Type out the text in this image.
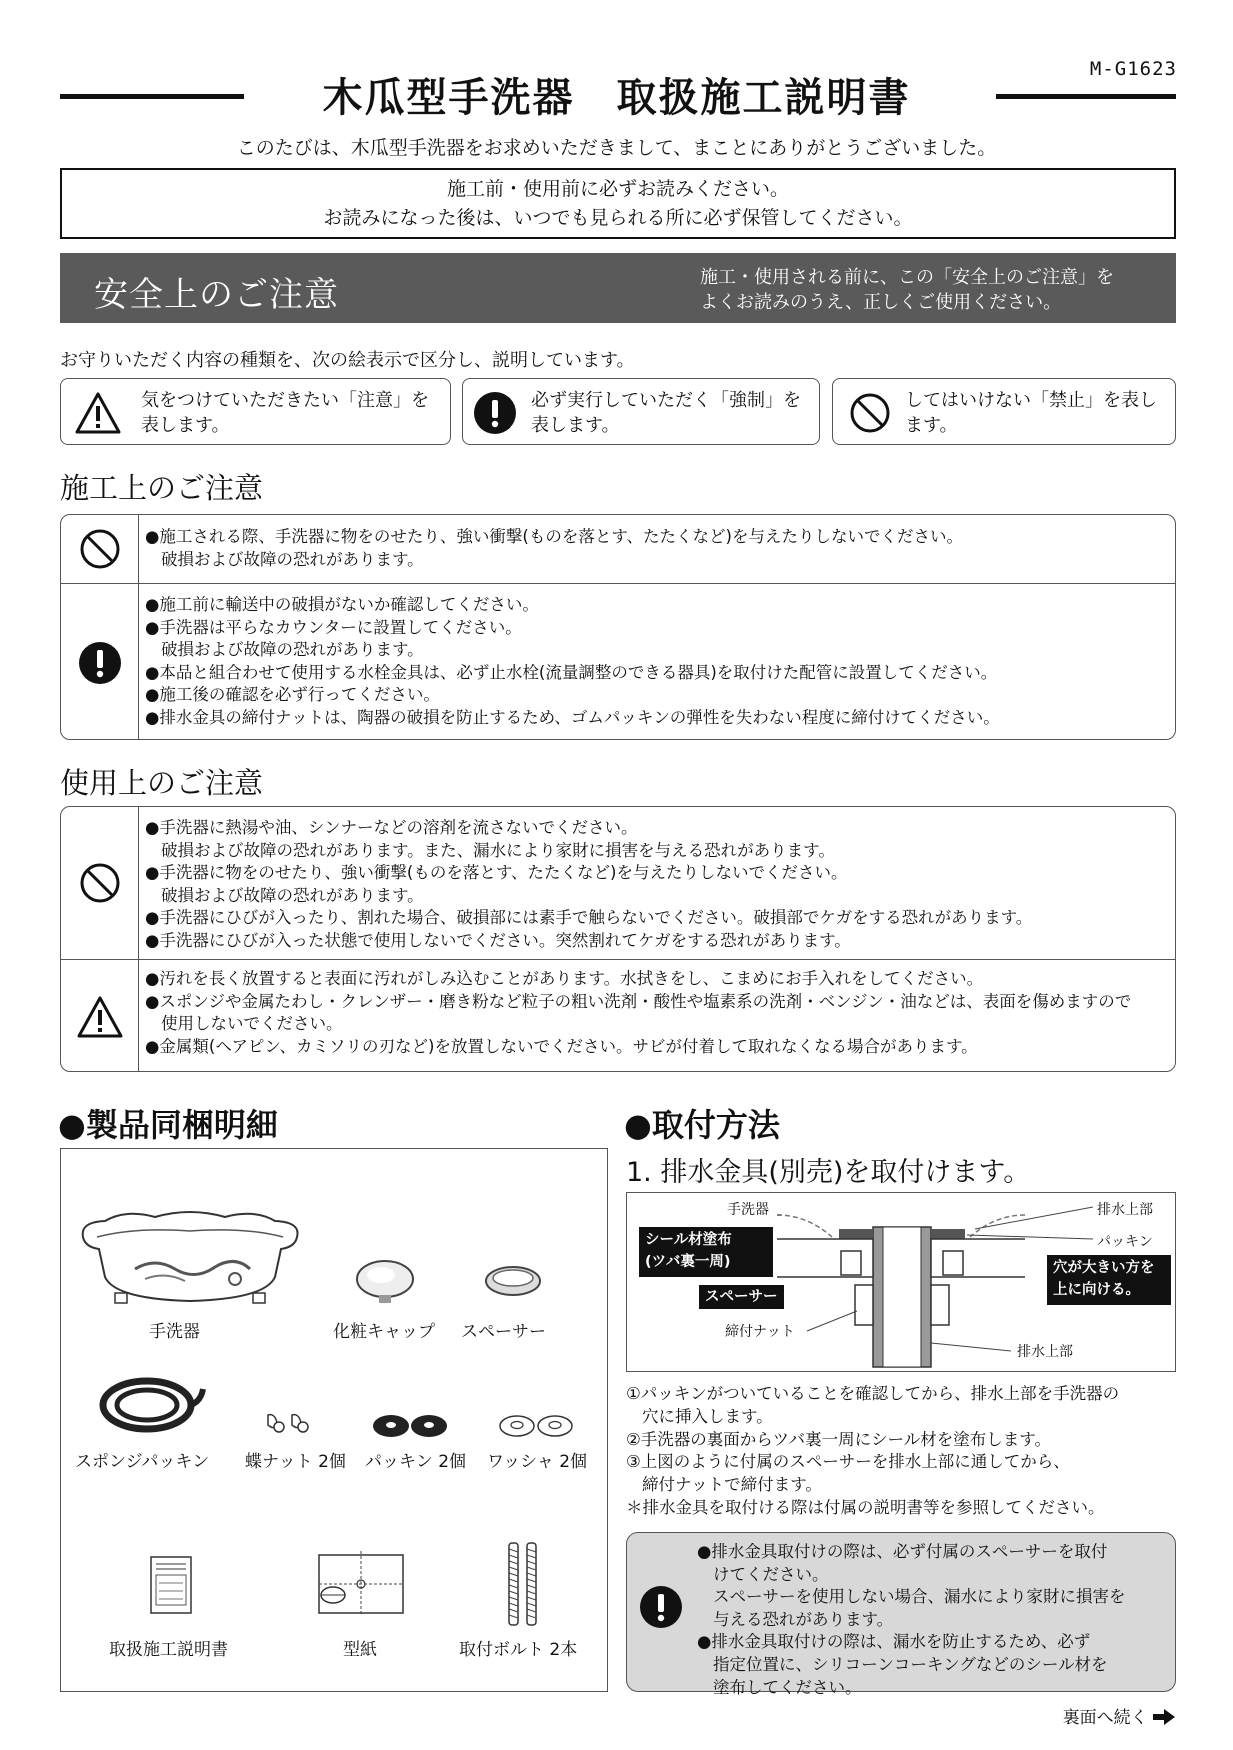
M-G1623
木瓜型手洗器　取扱施工説明書
このたびは、木瓜型手洗器をお求めいただきまして、まことにありがとうございました。
施工前・使用前に必ずお読みください。
お読みになった後は、いつでも見られる所に必ず保管してください。
安全上のご注意	施工・使用される前に、この「安全上のご注意」を
よくお読みのうえ、正しくご使用ください。
お守りいただく内容の種類を、次の絵表示で区分し、説明しています。
気をつけていただきたい「注意」を
表します。
必ず実行していただく「強制」を
表します。
してはいけない「禁止」を表し
ます。
施工上のご注意
●施工される際、手洗器に物をのせたり、強い衝撃(ものを落とす、たたくなど)を与えたりしないでください。
破損および故障の恐れがあります。
●施工前に輸送中の破損がないか確認してください。
●手洗器は平らなカウンターに設置してください。
破損および故障の恐れがあります。
●本品と組合わせて使用する水栓金具は、必ず止水栓(流量調整のできる器具)を取付けた配管に設置してください。
●施工後の確認を必ず行ってください。
●排水金具の締付ナットは、陶器の破損を防止するため、ゴムパッキンの弾性を失わない程度に締付けてください。
使用上のご注意
●手洗器に熱湯や油、シンナーなどの溶剤を流さないでください。
破損および故障の恐れがあります。また、漏水により家財に損害を与える恐れがあります。
●手洗器に物をのせたり、強い衝撃(ものを落とす、たたくなど)を与えたりしないでください。
破損および故障の恐れがあります。
●手洗器にひびが入ったり、割れた場合、破損部には素手で触らないでください。破損部でケガをする恐れがあります。
●手洗器にひびが入った状態で使用しないでください。突然割れてケガをする恐れがあります。
●汚れを長く放置すると表面に汚れがしみ込むことがあります。水拭きをし、こまめにお手入れをしてください。
●スポンジや金属たわし・クレンザー・磨き粉など粒子の粗い洗剤・酸性や塩素系の洗剤・ベンジン・油などは、表面を傷めますので
使用しないでください。
●金属類(ヘアピン、カミソリの刃など)を放置しないでください。サビが付着して取れなくなる場合があります。
●製品同梱明細
手洗器	化粧キャップ スペーサー
スポンジパッキン 蝶ナット 2個 パッキン 2個 ワッシャ 2個
取扱施工説明書	型紙	取付ボルト 2本
●取付方法
1. 排水金具(別売)を取付けます。
手洗器	排水上部
パッキン
シール材塗布
(ツバ裏一周)	穴が大きい方を
上に向ける。
スペーサー
締付ナット
排水上部
①パッキンがついていることを確認してから、排水上部を手洗器の
穴に挿入します。
②手洗器の裏面からツバ裏一周にシール材を塗布します。
③上図のように付属のスペーサーを排水上部に通してから、
締付ナットで締付ます。
＊排水金具を取付ける際は付属の説明書等を参照してください。
●排水金具取付けの際は、必ず付属のスペーサーを取付
けてください。
スペーサーを使用しない場合、漏水により家財に損害を
与える恐れがあります。
●排水金具取付けの際は、漏水を防止するため、必ず
指定位置に、シリコーンコーキングなどのシール材を
塗布してください。
裏面へ続く
